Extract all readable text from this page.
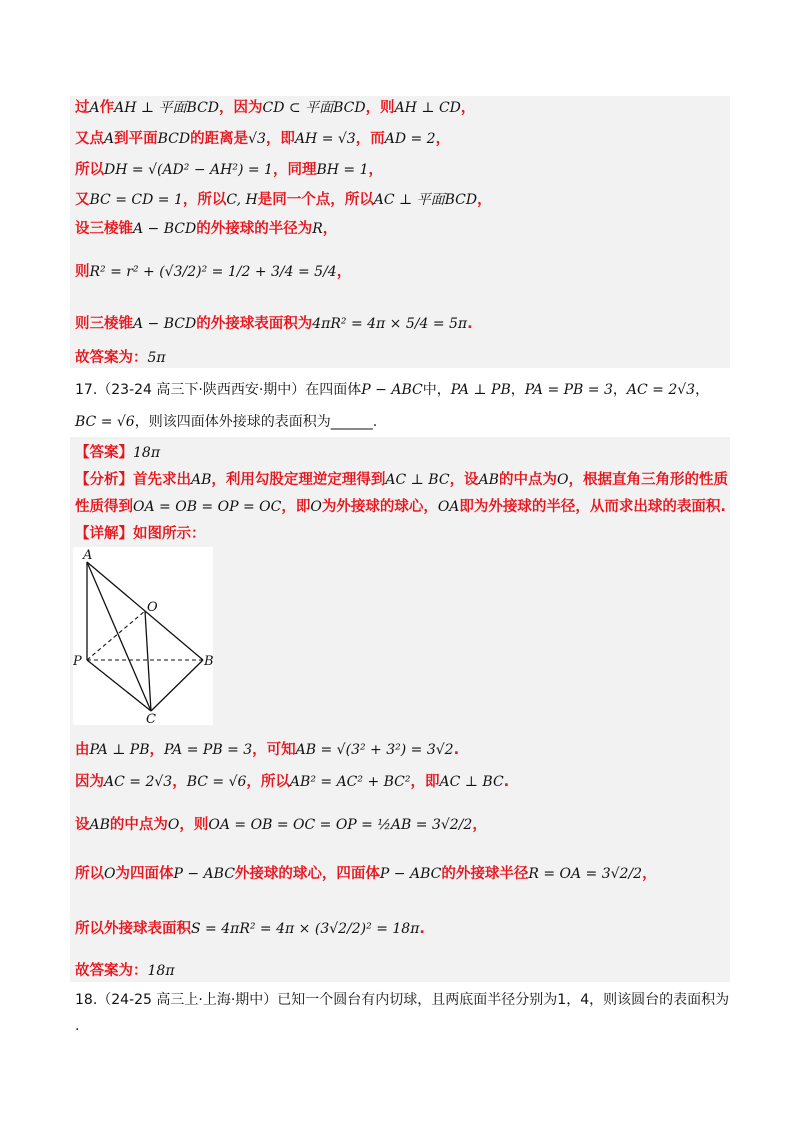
过A作AH ⊥ 平面BCD，因为CD ⊂ 平面BCD，则AH ⊥ CD，
又点A到平面BCD的距离是√3，即AH = √3，而AD = 2，
所以DH = √(AD² − AH²) = 1，同理BH = 1，
又BC = CD = 1，所以C, H是同一个点，所以AC ⊥ 平面BCD，
设三棱锥A − BCD的外接球的半径为R，
则R² = r² + (√3/2)² = 1/2 + 3/4 = 5/4，
则三棱锥A − BCD的外接球表面积为4πR² = 4π × 5/4 = 5π.
故答案为：5π
17.（23-24 高三下·陕西西安·期中）在四面体P − ABC中，PA ⊥ PB，PA = PB = 3，AC = 2√3，
BC = √6，则该四面体外接球的表面积为______.
【答案】18π
【分析】首先求出AB，利用勾股定理逆定理得到AC ⊥ BC，设AB的中点为O，根据直角三角形的性质
性质得到OA = OB = OP = OC，即O为外接球的球心，OA即为外接球的半径，从而求出球的表面积.
【详解】如图所示：
A
O
P	B
C
由PA ⊥ PB，PA = PB = 3，可知AB = √(3² + 3²) = 3√2.
因为AC = 2√3，BC = √6，所以AB² = AC² + BC²，即AC ⊥ BC.
设AB的中点为O，则OA = OB = OC = OP = ½AB = 3√2/2，
所以O为四面体P − ABC外接球的球心，四面体P − ABC的外接球半径R = OA = 3√2/2，
所以外接球表面积S = 4πR² = 4π × (3√2/2)² = 18π.
故答案为：18π
18.（24-25 高三上·上海·期中）已知一个圆台有内切球，且两底面半径分别为1，4，则该圆台的表面积为
.
